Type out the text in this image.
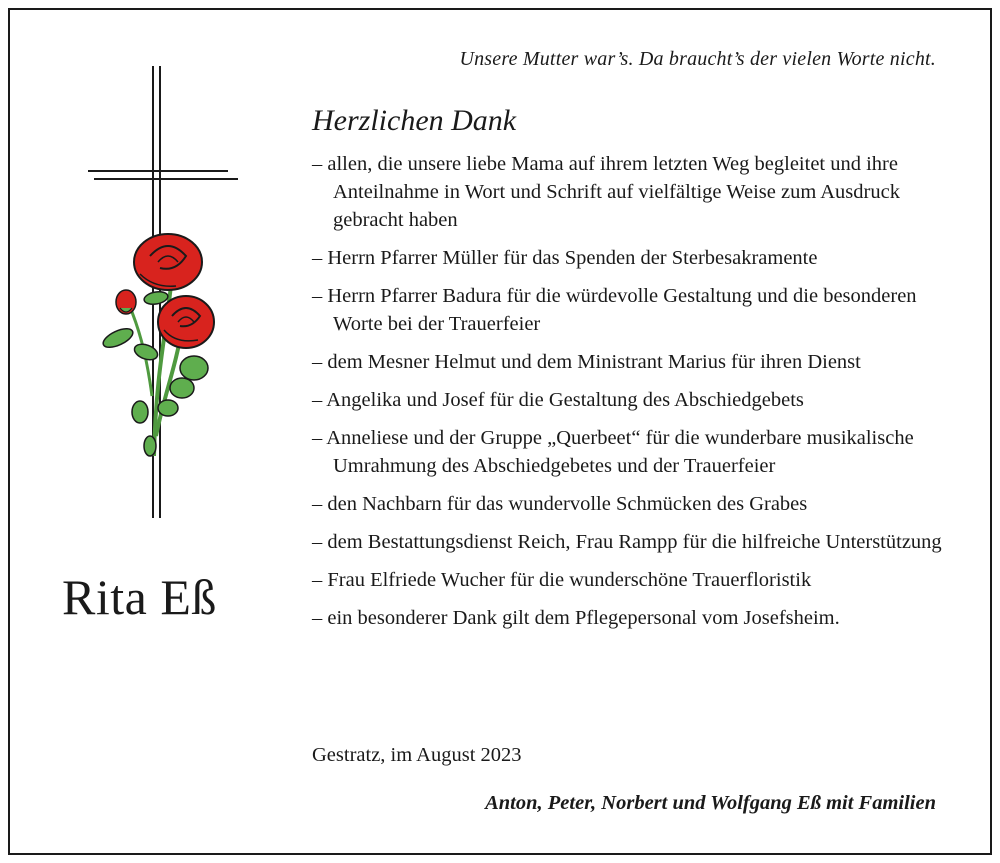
Unsere Mutter war’s. Da braucht’s der vielen Worte nicht.
Rita Eß
Herzlichen Dank
– allen, die unsere liebe Mama auf ihrem letzten Weg begleitet und ihre Anteilnahme in Wort und Schrift auf vielfältige Weise zum Ausdruck gebracht haben
– Herrn Pfarrer Müller für das Spenden der Sterbesakramente
– Herrn Pfarrer Badura für die würdevolle Gestaltung und die besonderen Worte bei der Trauerfeier
– dem Mesner Helmut und dem Ministrant Marius für ihren Dienst
– Angelika und Josef für die Gestaltung des Abschiedgebets
– Anneliese und der Gruppe „Querbeet“ für die wunderbare musikalische Umrahmung des Abschiedgebetes und der Trauerfeier
– den Nachbarn für das wundervolle Schmücken des Grabes
– dem Bestattungsdienst Reich, Frau Rampp für die hilfreiche Unterstützung
– Frau Elfriede Wucher für die wunderschöne Trauerfloristik
– ein besonderer Dank gilt dem Pflegepersonal vom Josefsheim.
Gestratz, im August 2023
Anton, Peter, Norbert und Wolfgang Eß mit Familien
